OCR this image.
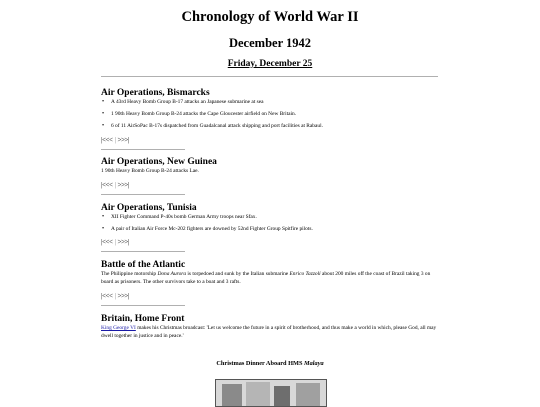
Chronology of World War II
December 1942
Friday, December 25
Air Operations, Bismarcks
• A 43rd Heavy Bomb Group B-17 attacks an Japanese submarine at sea
• 1 90th Heavy Bomb Group B-24 attacks the Cape Gloucester airfield on New Britain.
• 6 of 11 AirSoPac B-17s dispatched from Guadalcanal attack shipping and port facilities at Rabaul.
|<<< | >>>|
Air Operations, New Guinea
1 90th Heavy Bomb Group B-24 attacks Lae.
|<<< | >>>|
Air Operations, Tunisia
• XII Fighter Command P-40s bomb German Army troops near Sfax.
• A pair of Italian Air Force Mc-202 fighters are downed by 52nd Fighter Group Spitfire pilots.
|<<< | >>>|
Battle of the Atlantic
The Philippine motorship Dona Aurora is torpedoed and sunk by the Italian submarine Enrico Tazzoli about 200 miles off the coast of Brazil taking 3 on board as prisoners. The other survivors take to a boat and 3 rafts.
|<<< | >>>|
Britain, Home Front
King George VI makes his Christmas broadcast: 'Let us welcome the future in a spirit of brotherhood, and thus make a world in which, please God, all may dwell together in justice and in peace.'
Christmas Dinner Aboard HMS Malaya
